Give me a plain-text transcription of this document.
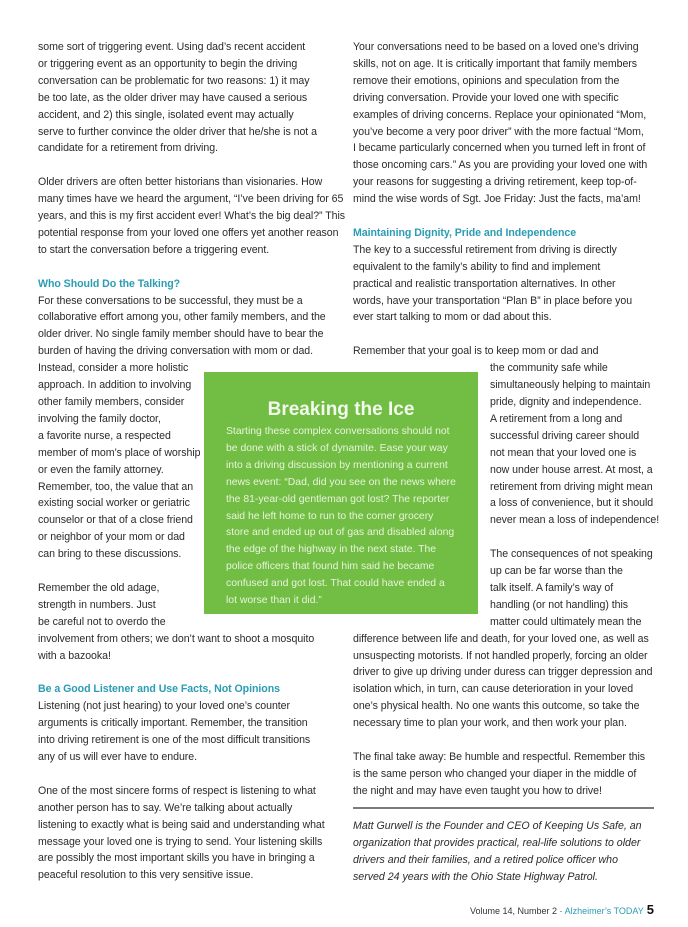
some sort of triggering event. Using dad’s recent accident
or triggering event as an opportunity to begin the driving
conversation can be problematic for two reasons: 1) it may
be too late, as the older driver may have caused a serious
accident, and 2) this single, isolated event may actually
serve to further convince the older driver that he/she is not a
candidate for a retirement from driving.

Older drivers are often better historians than visionaries. How
many times have we heard the argument, “I’ve been driving for 65
years, and this is my first accident ever! What’s the big deal?” This
potential response from your loved one offers yet another reason
to start the conversation before a triggering event.

Who Should Do the Talking?

For these conversations to be successful, they must be a
collaborative effort among you, other family members, and the
older driver. No single family member should have to bear the
burden of having the driving conversation with mom or dad.

Instead, consider a more holistic
approach. In addition to involving
other family members, consider
involving the family doctor,
a favorite nurse, a respected
member of mom’s place of worship
or even the family attorney.
Remember, too, the value that an
existing social worker or geriatric
counselor or that of a close friend
or neighbor of your mom or dad
can bring to these discussions.

Remember the old adage,
strength in numbers. Just
be careful not to overdo the

involvement from others; we don’t want to shoot a mosquito
with a bazooka!

Be a Good Listener and Use Facts, Not Opinions

Listening (not just hearing) to your loved one’s counter
arguments is critically important. Remember, the transition
into driving retirement is one of the most difficult transitions
any of us will ever have to endure.

One of the most sincere forms of respect is listening to what
another person has to say. We’re talking about actually
listening to exactly what is being said and understanding what
message your loved one is trying to send. Your listening skills
are possibly the most important skills you have in bringing a
peaceful resolution to this very sensitive issue.

Breaking the Ice
Starting these complex conversations should not
be done with a stick of dynamite. Ease your way
into a driving discussion by mentioning a current
news event: “Dad, did you see on the news where
the 81-year-old gentleman got lost? The reporter
said he left home to run to the corner grocery
store and ended up out of gas and disabled along
the edge of the highway in the next state. The
police officers that found him said he became
confused and got lost. That could have ended a
lot worse than it did.”

Your conversations need to be based on a loved one’s driving
skills, not on age. It is critically important that family members
remove their emotions, opinions and speculation from the
driving conversation. Provide your loved one with specific
examples of driving concerns. Replace your opinionated “Mom,
you’ve become a very poor driver” with the more factual “Mom,
I became particularly concerned when you turned left in front of
those oncoming cars.” As you are providing your loved one with
your reasons for suggesting a driving retirement, keep top-of-
mind the wise words of Sgt. Joe Friday: Just the facts, ma’am!

Maintaining Dignity, Pride and Independence

The key to a successful retirement from driving is directly
equivalent to the family’s ability to find and implement
practical and realistic transportation alternatives. In other
words, have your transportation “Plan B” in place before you
ever start talking to mom or dad about this.

Remember that your goal is to keep mom or dad and

the community safe while
simultaneously helping to maintain
pride, dignity and independence.
A retirement from a long and
successful driving career should
not mean that your loved one is
now under house arrest. At most, a
retirement from driving might mean
a loss of convenience, but it should
never mean a loss of independence!

The consequences of not speaking
up can be far worse than the
talk itself. A family’s way of
handling (or not handling) this
matter could ultimately mean the

difference between life and death, for your loved one, as well as
unsuspecting motorists. If not handled properly, forcing an older
driver to give up driving under duress can trigger depression and
isolation which, in turn, can cause deterioration in your loved
one’s physical health. No one wants this outcome, so take the
necessary time to plan your work, and then work your plan.

The final take away: Be humble and respectful. Remember this
is the same person who changed your diaper in the middle of
the night and may have even taught you how to drive!

Matt Gurwell is the Founder and CEO of Keeping Us Safe, an
organization that provides practical, real-life solutions to older
drivers and their families, and a retired police officer who
served 24 years with the Ohio State Highway Patrol.
Volume 14, Number 2 · Alzheimer’s TODAY 5
